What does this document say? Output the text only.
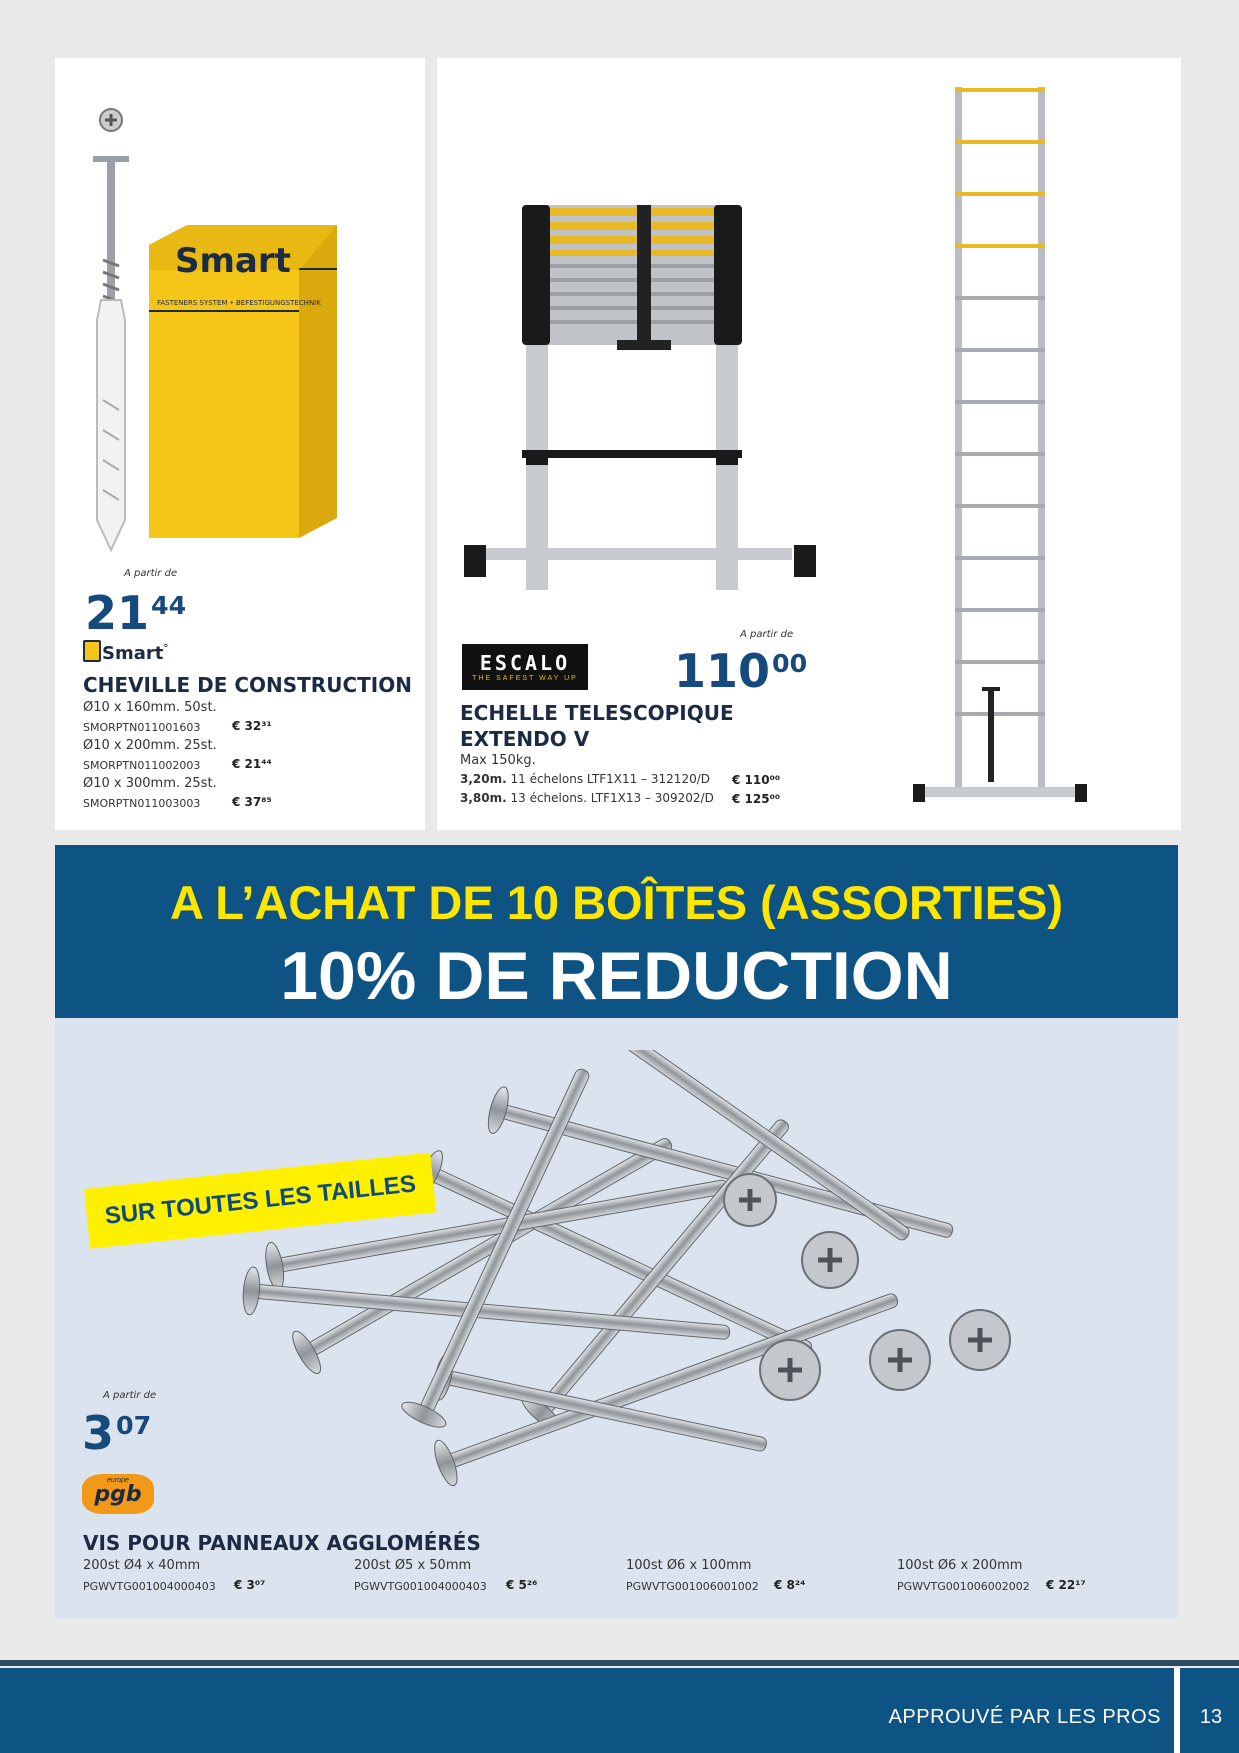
Smart
FASTENERS SYSTEM • BEFESTIGUNGSTECHNIK
A partir de
$21^{44}$
Smart°
CHEVILLE DE CONSTRUCTION
Ø10 x 160mm. 50st.
SMORPTN011001603	€ 32³¹
Ø10 x 200mm. 25st.
SMORPTN011002003	€ 21⁴⁴
Ø10 x 300mm. 25st.
SMORPTN011003003	€ 37⁸⁵
ESCALO
THE SAFEST WAY UP
A partir de
$110^{00}$
ECHELLE TELESCOPIQUE
EXTENDO V
Max 150kg.
3,20m. 11 échelons LTF1X11 – 312120/D € 110⁰⁰
3,80m. 13 échelons. LTF1X13 – 309202/D € 125⁰⁰
A L’ACHAT DE 10 BOÎTES (ASSORTIES)
10% DE REDUCTION
SUR TOUTES LES TAILLES
A partir de
$3^{07}$
europe
pgb
VIS POUR PANNEAUX AGGLOMÉRÉS
200st Ø4 x 40mm
PGWVTG001004000403 € 3⁰⁷
200st Ø5 x 50mm
PGWVTG001004000403 € 5²⁶
100st Ø6 x 100mm
PGWVTG001006001002 € 8²⁴
100st Ø6 x 200mm
PGWVTG001006002002 € 22¹⁷
APPROUVÉ PAR LES PROS	13
